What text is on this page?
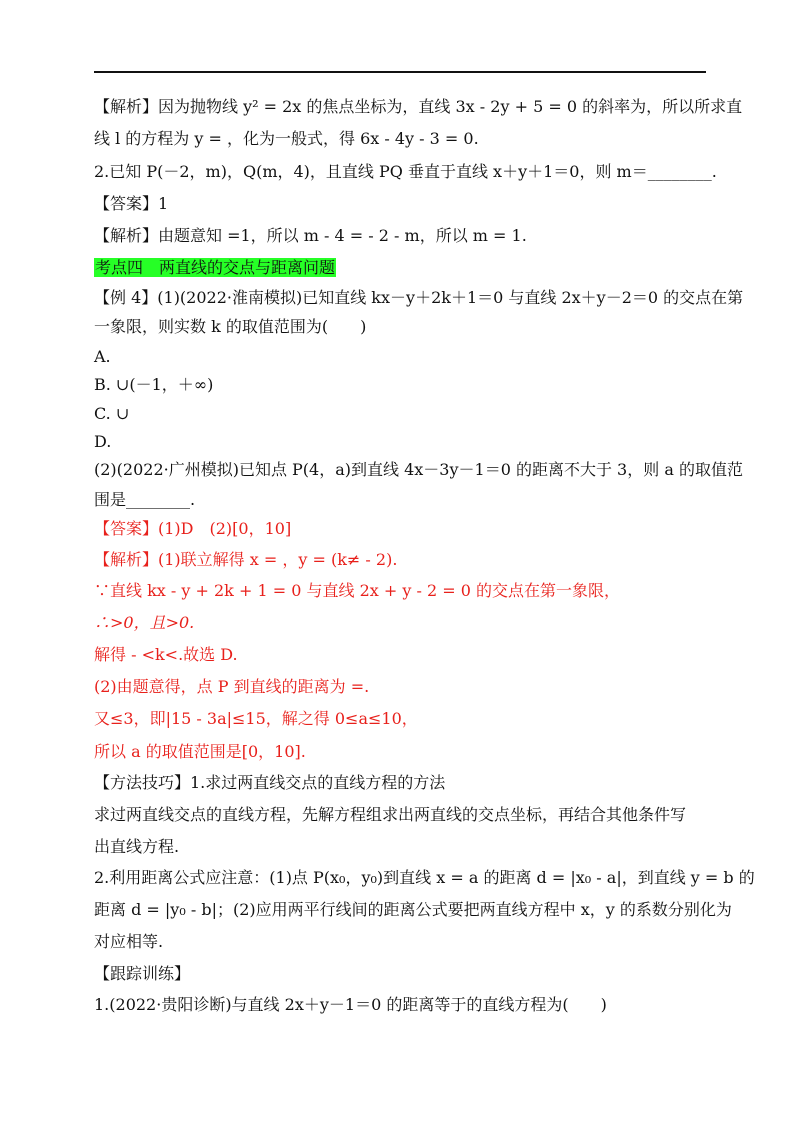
【解析】因为抛物线 y² = 2x 的焦点坐标为，直线 3x - 2y + 5 = 0 的斜率为，所以所求直
线 l 的方程为 y = ，化为一般式，得 6x - 4y - 3 = 0.
2.已知 P(－2，m)，Q(m，4)，且直线 PQ 垂直于直线 x＋y＋1＝0，则 m＝________.
【答案】1
【解析】由题意知 =1，所以 m - 4 = - 2 - m，所以 m = 1.
考点四　两直线的交点与距离问题
【例 4】(1)(2022·淮南模拟)已知直线 kx－y＋2k＋1＝0 与直线 2x＋y－2＝0 的交点在第
一象限，则实数 k 的取值范围为(　　)
A.
B. ∪(－1，＋∞)
C. ∪
D.
(2)(2022·广州模拟)已知点 P(4，a)到直线 4x－3y－1＝0 的距离不大于 3，则 a 的取值范
围是________.
【答案】(1)D　(2)[0，10]
【解析】(1)联立解得 x = ，y = (k≠ - 2).
∵直线 kx - y + 2k + 1 = 0 与直线 2x + y - 2 = 0 的交点在第一象限，
∴>0，且>0.
解得 - <k<.故选 D.
(2)由题意得，点 P 到直线的距离为 =.
又≤3，即|15 - 3a|≤15，解之得 0≤a≤10，
所以 a 的取值范围是[0，10].
【方法技巧】1.求过两直线交点的直线方程的方法
求过两直线交点的直线方程，先解方程组求出两直线的交点坐标，再结合其他条件写
出直线方程.
2.利用距离公式应注意：(1)点 P(x₀，y₀)到直线 x = a 的距离 d = |x₀ - a|，到直线 y = b 的
距离 d = |y₀ - b|；(2)应用两平行线间的距离公式要把两直线方程中 x，y 的系数分别化为
对应相等.
【跟踪训练】
1.(2022·贵阳诊断)与直线 2x＋y－1＝0 的距离等于的直线方程为(　　)
